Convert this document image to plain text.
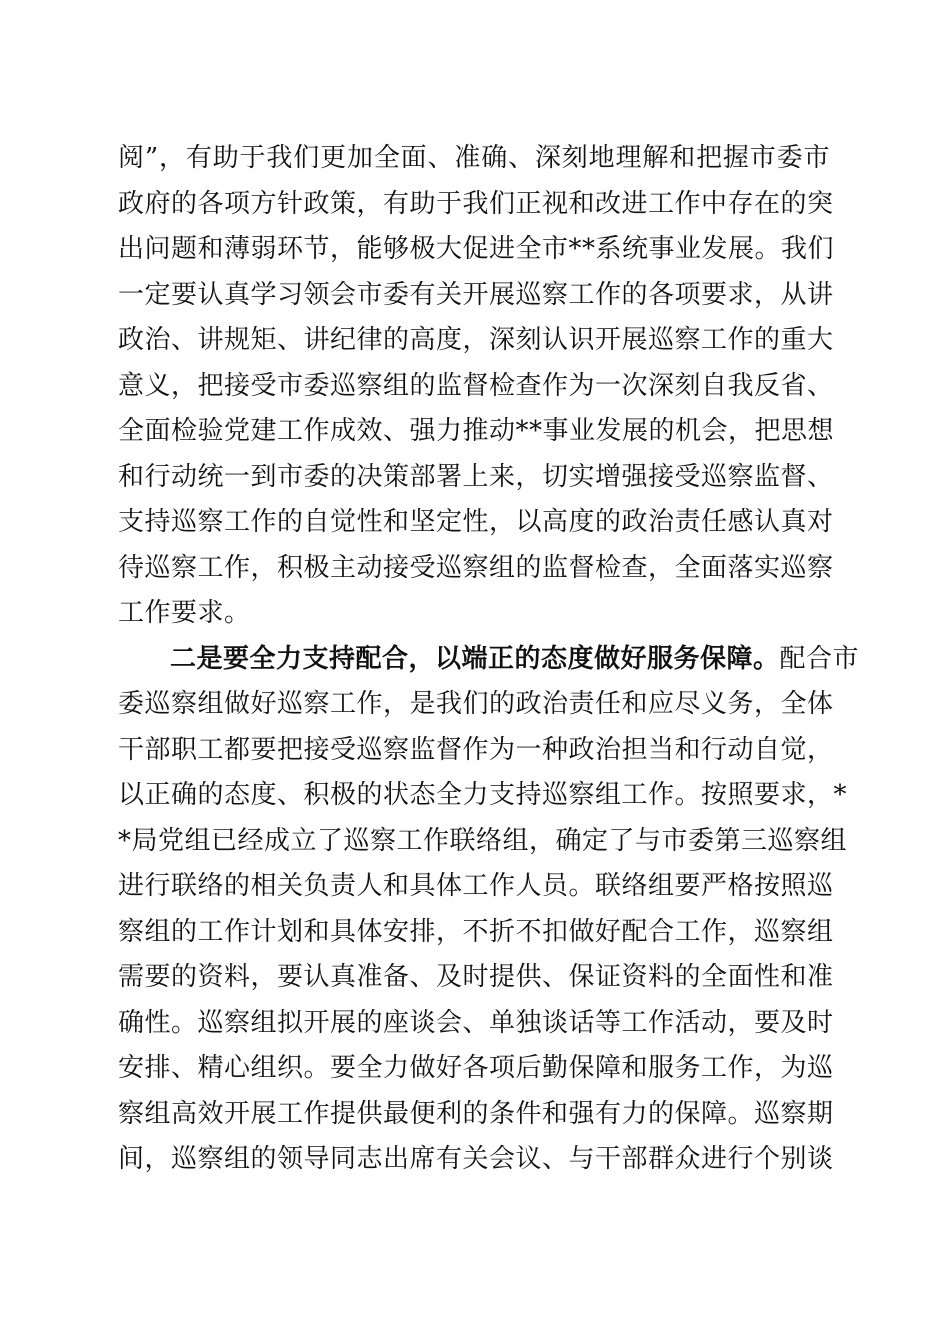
阅”，有助于我们更加全面、准确、深刻地理解和把握市委市
政府的各项方针政策，有助于我们正视和改进工作中存在的突
出问题和薄弱环节，能够极大促进全市**系统事业发展。我们
一定要认真学习领会市委有关开展巡察工作的各项要求，从讲
政治、讲规矩、讲纪律的高度，深刻认识开展巡察工作的重大
意义，把接受市委巡察组的监督检查作为一次深刻自我反省、
全面检验党建工作成效、强力推动**事业发展的机会，把思想
和行动统一到市委的决策部署上来，切实增强接受巡察监督、
支持巡察工作的自觉性和坚定性，以高度的政治责任感认真对
待巡察工作，积极主动接受巡察组的监督检查，全面落实巡察
工作要求。
二是要全力支持配合，以端正的态度做好服务保障。配合市
委巡察组做好巡察工作，是我们的政治责任和应尽义务，全体
干部职工都要把接受巡察监督作为一种政治担当和行动自觉，
以正确的态度、积极的状态全力支持巡察组工作。按照要求，*
*局党组已经成立了巡察工作联络组，确定了与市委第三巡察组
进行联络的相关负责人和具体工作人员。联络组要严格按照巡
察组的工作计划和具体安排，不折不扣做好配合工作，巡察组
需要的资料，要认真准备、及时提供、保证资料的全面性和准
确性。巡察组拟开展的座谈会、单独谈话等工作活动，要及时
安排、精心组织。要全力做好各项后勤保障和服务工作，为巡
察组高效开展工作提供最便利的条件和强有力的保障。巡察期
间，巡察组的领导同志出席有关会议、与干部群众进行个别谈
